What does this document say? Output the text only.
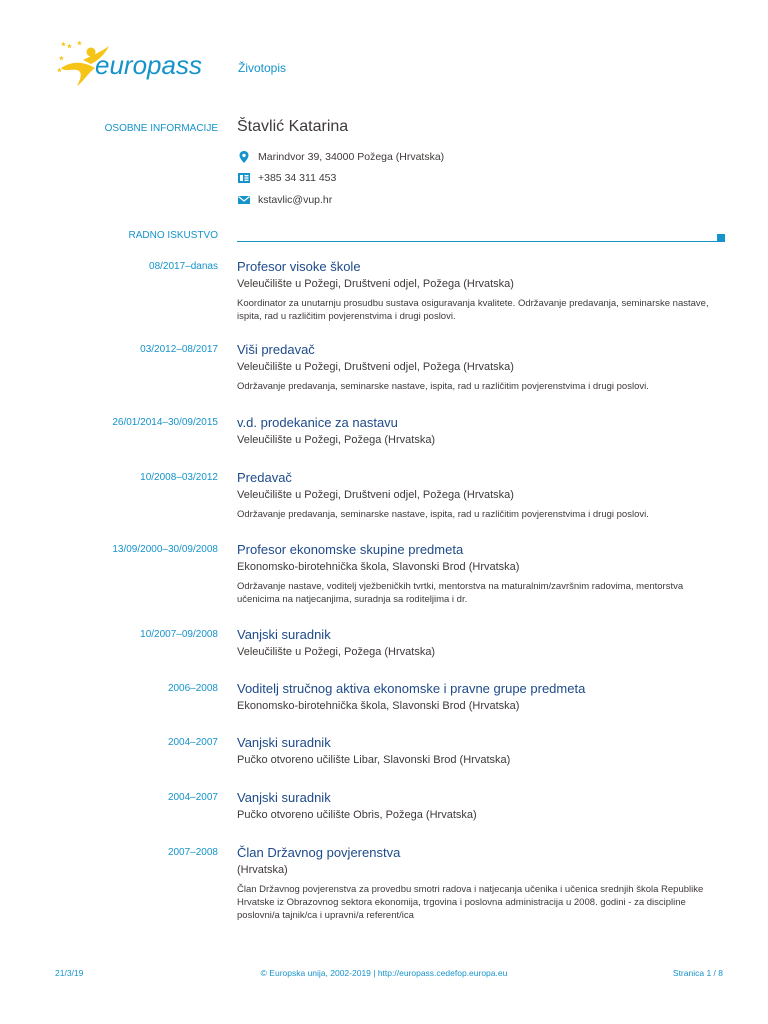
europass	Životopis
OSOBNE INFORMACIJE Štavlić Katarina
Marindvor 39, 34000 Požega (Hrvatska)
+385 34 311 453
kstavlic@vup.hr
RADNO ISKUSTVO
08/2017–danas Profesor visoke škole
Veleučilište u Požegi, Društveni odjel, Požega (Hrvatska)
Koordinator za unutarnju prosudbu sustava osiguravanja kvalitete. Održavanje predavanja, seminarske nastave, ispita, rad u različitim povjerenstvima i drugi poslovi.
03/2012–08/2017 Viši predavač
Veleučilište u Požegi, Društveni odjel, Požega (Hrvatska)
Održavanje predavanja, seminarske nastave, ispita, rad u različitim povjerenstvima i drugi poslovi.
26/01/2014–30/09/2015 v.d. prodekanice za nastavu
Veleučilište u Požegi, Požega (Hrvatska)
10/2008–03/2012 Predavač
Veleučilište u Požegi, Društveni odjel, Požega (Hrvatska)
Održavanje predavanja, seminarske nastave, ispita, rad u različitim povjerenstvima i drugi poslovi.
13/09/2000–30/09/2008 Profesor ekonomske skupine predmeta
Ekonomsko-birotehnička škola, Slavonski Brod (Hrvatska)
Održavanje nastave, voditelj vježbeničkih tvrtki, mentorstva na maturalnim/završnim radovima, mentorstva učenicima na natjecanjima, suradnja sa roditeljima i dr.
10/2007–09/2008 Vanjski suradnik
Veleučilište u Požegi, Požega (Hrvatska)
2006–2008 Voditelj stručnog aktiva ekonomske i pravne grupe predmeta
Ekonomsko-birotehnička škola, Slavonski Brod (Hrvatska)
2004–2007 Vanjski suradnik
Pučko otvoreno učilište Libar, Slavonski Brod (Hrvatska)
2004–2007 Vanjski suradnik
Pučko otvoreno učilište Obris, Požega (Hrvatska)
2007–2008 Član Državnog povjerenstva
(Hrvatska)
Član Državnog povjerenstva za provedbu smotri radova i natjecanja učenika i učenica srednjih škola Republike Hrvatske iz Obrazovnog sektora ekonomija, trgovina i poslovna administracija u 2008. godini - za discipline poslovni/a tajnik/ca i upravni/a referent/ica
21/3/19	© Europska unija, 2002-2019 | http://europass.cedefop.europa.eu	Stranica 1 / 8
